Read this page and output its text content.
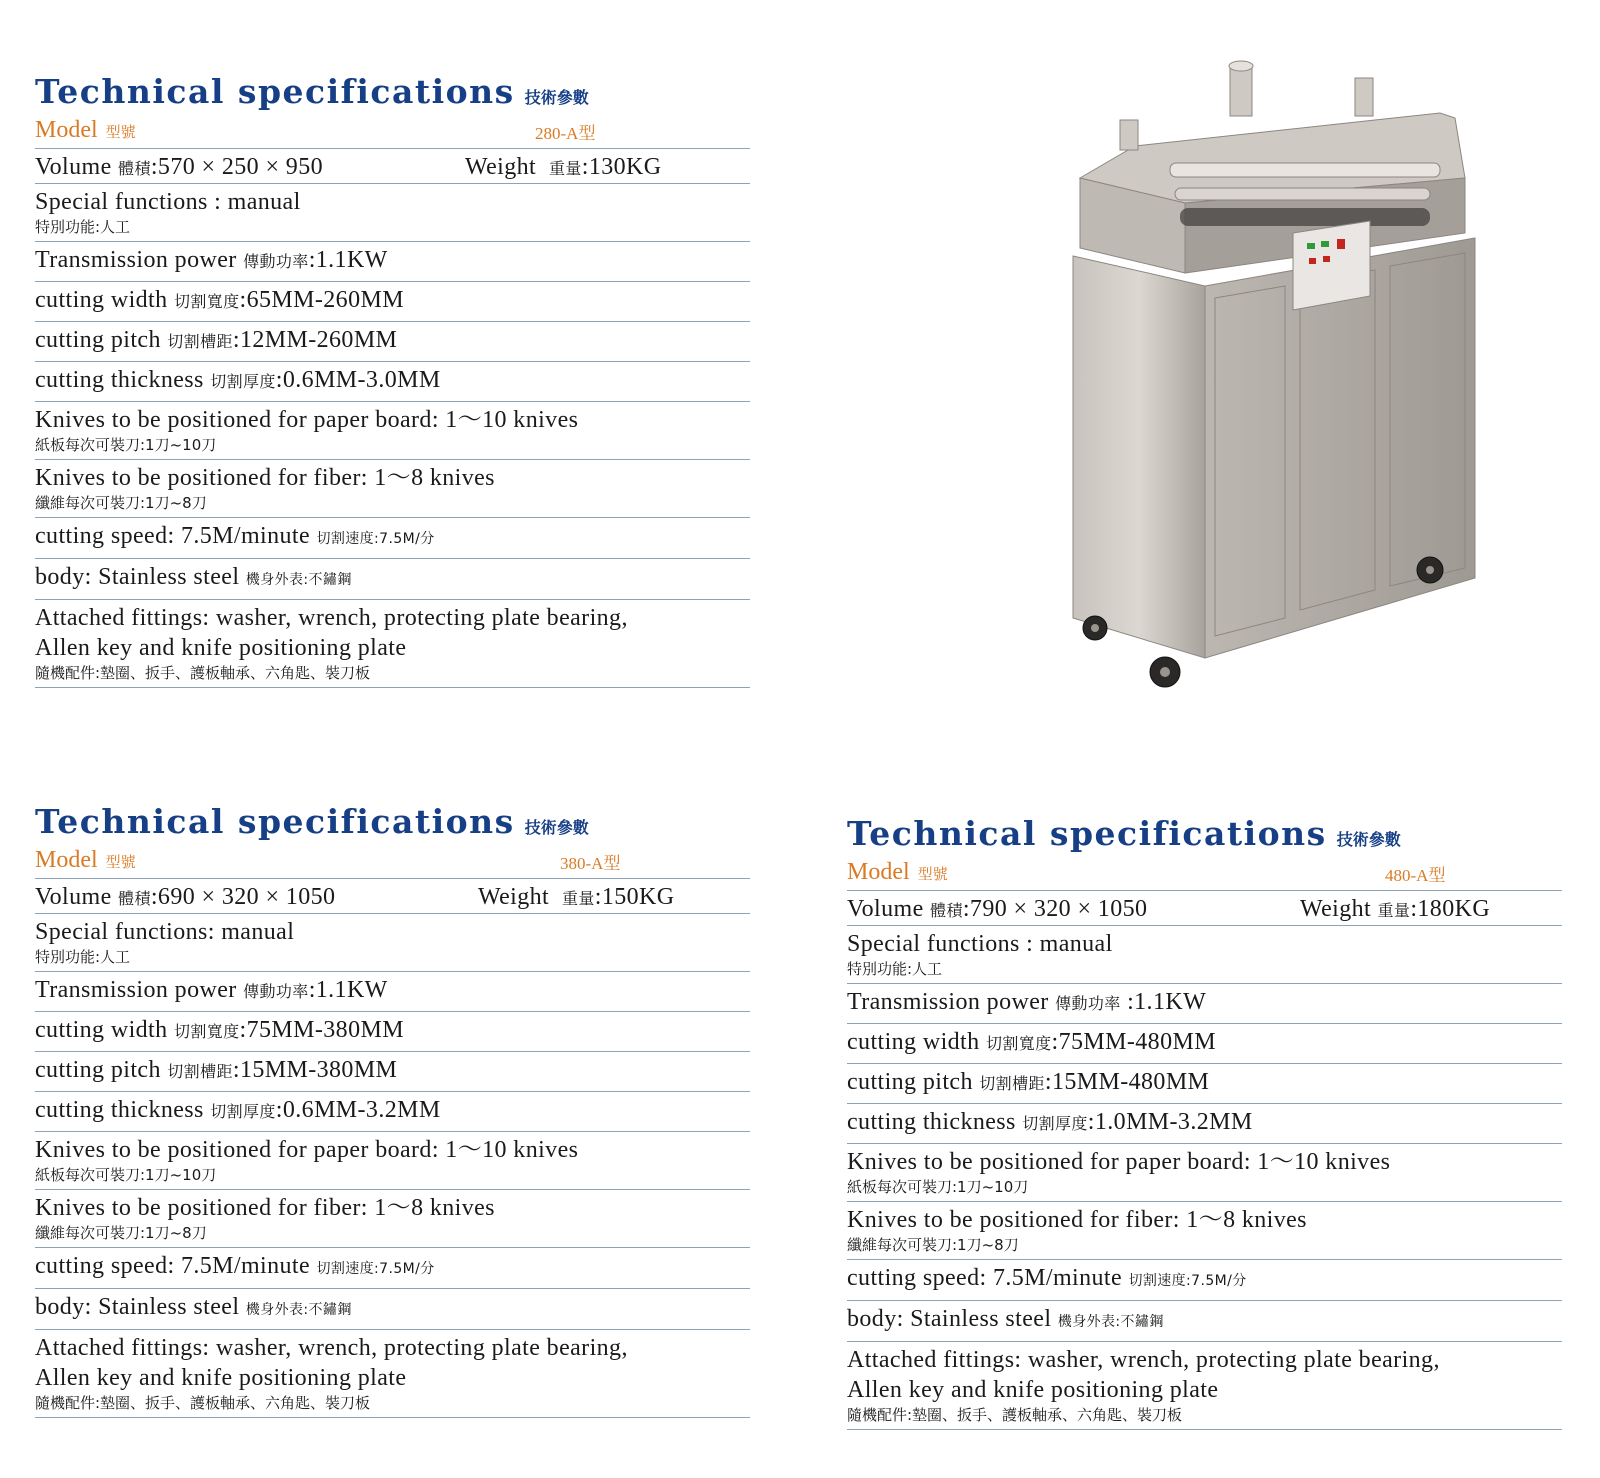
Technical specifications 技術參數
Model 型號	280-A型
Volume 體積:570 × 250 × 950	Weight 重量:130KG
Special functions : manual
特別功能:人工
Transmission power 傳動功率:1.1KW
cutting width 切割寬度:65MM-260MM
cutting pitch 切割槽距:12MM-260MM
cutting thickness 切割厚度:0.6MM-3.0MM
Knives to be positioned for paper board: 1～10 knives
紙板每次可裝刀:1刀~10刀
Knives to be positioned for fiber: 1～8 knives
纖維每次可裝刀:1刀~8刀
cutting speed: 7.5M/minute 切割速度:7.5M/分
body: Stainless steel 機身外表:不鏽鋼
Attached fittings: washer, wrench, protecting plate bearing,
Allen key and knife positioning plate
隨機配件:墊圈、扳手、護板軸承、六角匙、裝刀板
Technical specifications 技術參數
Model 型號	380-A型
Volume 體積:690 × 320 × 1050	Weight 重量:150KG
Special functions: manual
特別功能:人工
Transmission power 傳動功率:1.1KW
cutting width 切割寬度:75MM-380MM
cutting pitch 切割槽距:15MM-380MM
cutting thickness 切割厚度:0.6MM-3.2MM
Knives to be positioned for paper board: 1～10 knives
紙板每次可裝刀:1刀~10刀
Knives to be positioned for fiber: 1～8 knives
纖維每次可裝刀:1刀~8刀
cutting speed: 7.5M/minute 切割速度:7.5M/分
body: Stainless steel 機身外表:不鏽鋼
Attached fittings: washer, wrench, protecting plate bearing,
Allen key and knife positioning plate
隨機配件:墊圈、扳手、護板軸承、六角匙、裝刀板
Technical specifications 技術參數
Model 型號	480-A型
Volume 體積:790 × 320 × 1050	Weight 重量:180KG
Special functions : manual
特別功能:人工
Transmission power 傳動功率 :1.1KW
cutting width 切割寬度:75MM-480MM
cutting pitch 切割槽距:15MM-480MM
cutting thickness 切割厚度:1.0MM-3.2MM
Knives to be positioned for paper board: 1～10 knives
紙板每次可裝刀:1刀~10刀
Knives to be positioned for fiber: 1～8 knives
纖維每次可裝刀:1刀~8刀
cutting speed: 7.5M/minute 切割速度:7.5M/分
body: Stainless steel 機身外表:不鏽鋼
Attached fittings: washer, wrench, protecting plate bearing,
Allen key and knife positioning plate
隨機配件:墊圈、扳手、護板軸承、六角匙、裝刀板
